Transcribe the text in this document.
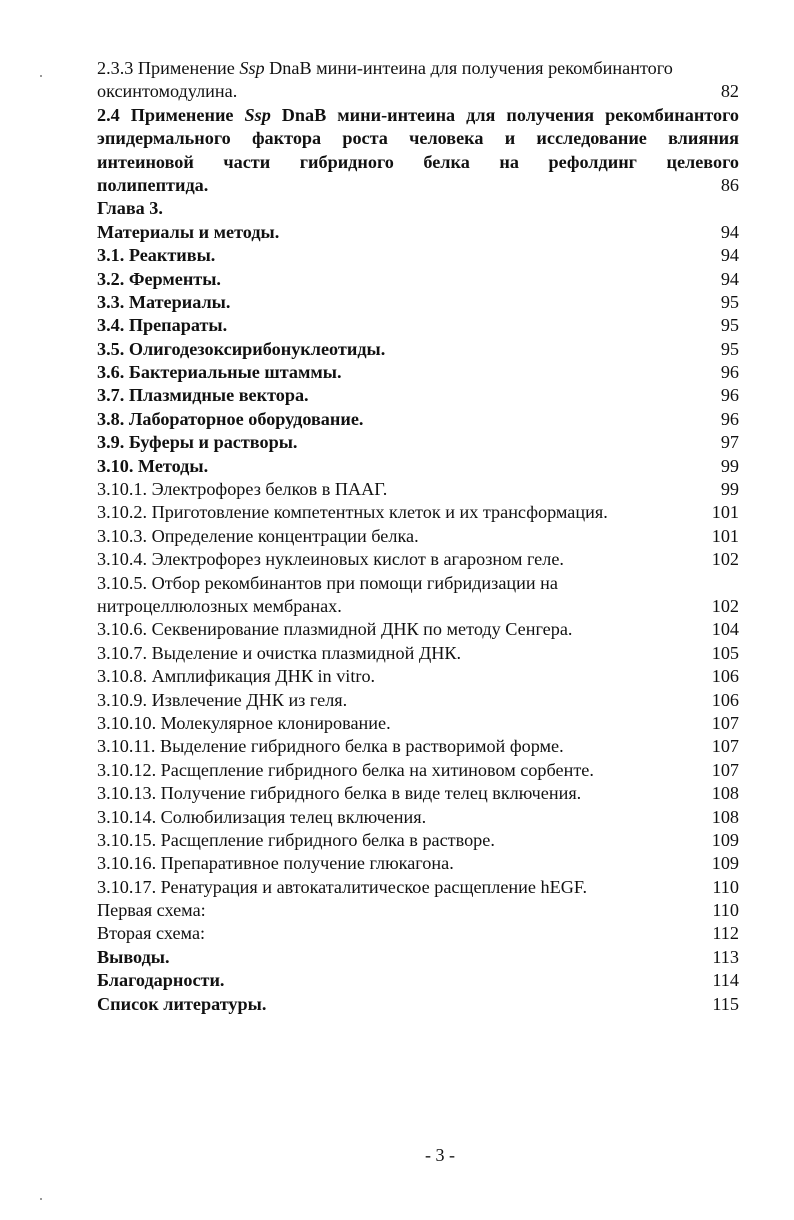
2.3.3 Применение Ssp DnaB мини-интеина для получения рекомбинантого
оксинтомодулина.	82
2.4 Применение Ssp DnaB мини-интеина для получения рекомбинантого
эпидермального фактора роста человека и исследование влияния
интеиновой части гибридного белка на рефолдинг целевого
полипептида.	86
Глава 3.
Материалы и методы.	94
3.1. Реактивы.	94
3.2. Ферменты.	94
3.3. Материалы.	95
3.4. Препараты.	95
3.5. Олигодезоксирибонуклеотиды.	95
3.6. Бактериальные штаммы.	96
3.7. Плазмидные вектора.	96
3.8. Лабораторное оборудование.	96
3.9. Буферы и растворы.	97
3.10. Методы.	99
3.10.1. Электрофорез белков в ПААГ.	99
3.10.2. Приготовление компетентных клеток и их трансформация.	101
3.10.3. Определение концентрации белка.	101
3.10.4. Электрофорез нуклеиновых кислот в агарозном геле.	102
3.10.5. Отбор рекомбинантов при помощи гибридизации на
нитроцеллюлозных мембранах.	102
3.10.6. Секвенирование плазмидной ДНК по методу Сенгера.	104
3.10.7. Выделение и очистка плазмидной ДНК.	105
3.10.8. Амплификация ДНК in vitro.	106
3.10.9. Извлечение ДНК из геля.	106
3.10.10. Молекулярное клонирование.	107
3.10.11. Выделение гибридного белка в растворимой форме.	107
3.10.12. Расщепление гибридного белка на хитиновом сорбенте.	107
3.10.13. Получение гибридного белка в виде телец включения.	108
3.10.14. Солюбилизация телец включения.	108
3.10.15. Расщепление гибридного белка в растворе.	109
3.10.16. Препаративное получение глюкагона.	109
3.10.17. Ренатурация и автокаталитическое расщепление hEGF.	110
Первая схема:	110
Вторая схема:	112
Выводы.	113
Благодарности.	114
Список литературы.	115
- 3 -
